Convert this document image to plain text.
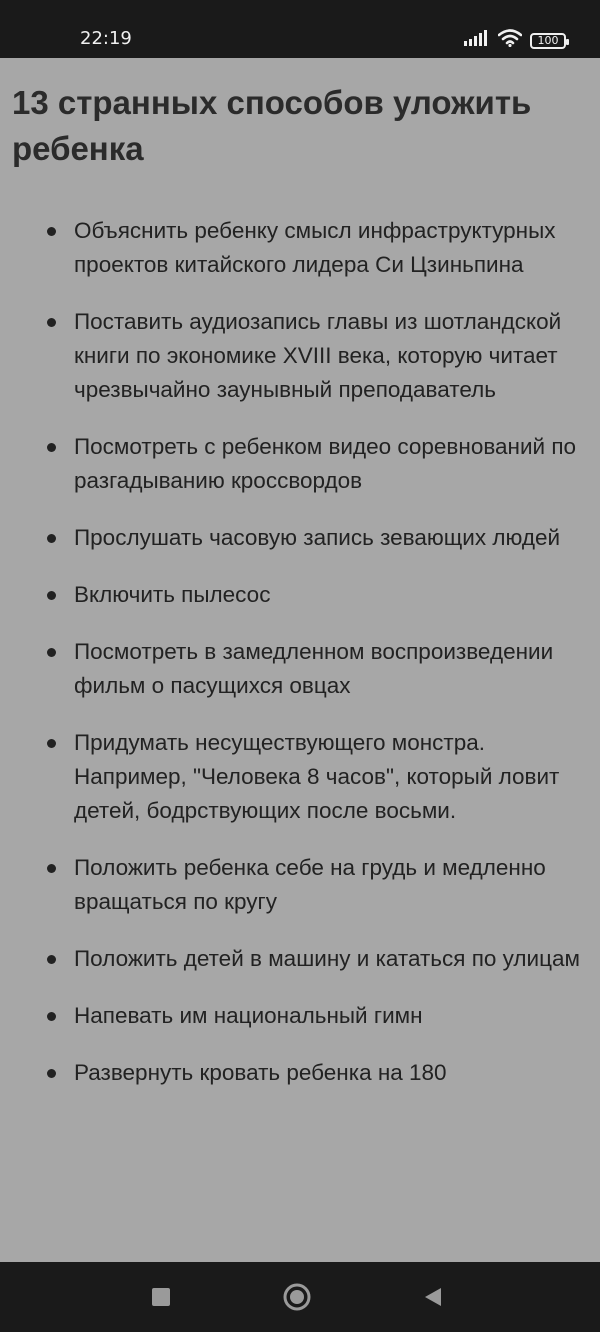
22:19	100
13 странных способов уложить ребенка
Объяснить ребенку смысл инфраструктурных проектов китайского лидера Си Цзиньпина
Поставить аудиозапись главы из шотландской книги по экономике XVIII века, которую читает чрезвычайно заунывный преподаватель
Посмотреть с ребенком видео соревнований по разгадыванию кроссвордов
Прослушать часовую запись зевающих людей
Включить пылесос
Посмотреть в замедленном воспроизведении фильм о пасущихся овцах
Придумать несуществующего монстра. Например, "Человека 8 часов", который ловит детей, бодрствующих после восьми.
Положить ребенка себе на грудь и медленно вращаться по кругу
Положить детей в машину и кататься по улицам
Напевать им национальный гимн
Развернуть кровать ребенка на 180
